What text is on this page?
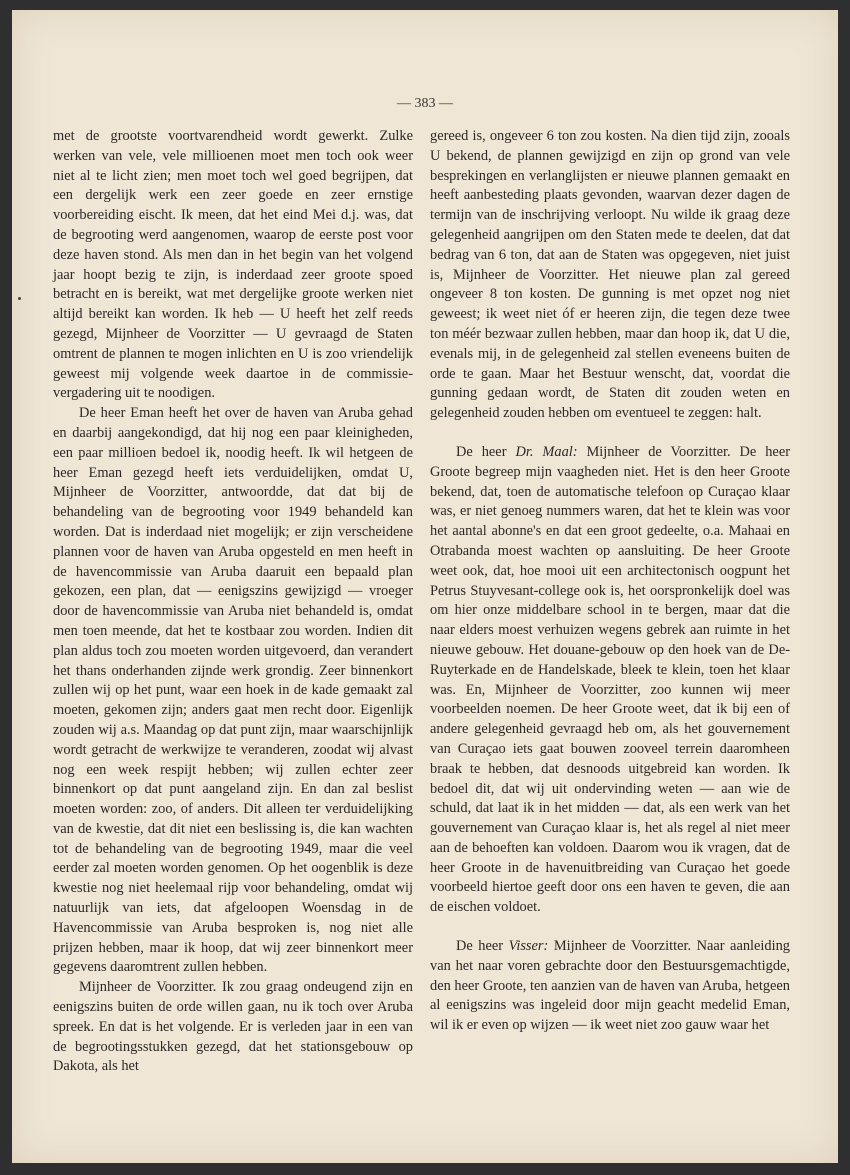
— 383 —

met de grootste voortvarendheid wordt gewerkt. Zulke werken van vele, vele millioenen moet men toch ook weer niet al te licht zien; men moet toch wel goed begrijpen, dat een dergelijk werk een zeer goede en zeer ernstige voorbereiding eischt. Ik meen, dat het eind Mei d.j. was, dat de begrooting werd aangenomen, waarop de eerste post voor deze haven stond. Als men dan in het begin van het volgend jaar hoopt bezig te zijn, is inderdaad zeer groote spoed betracht en is bereikt, wat met dergelijke groote werken niet altijd bereikt kan worden. Ik heb — U heeft het zelf reeds gezegd, Mijnheer de Voorzitter — U gevraagd de Staten omtrent de plannen te mogen inlichten en U is zoo vriendelijk geweest mij volgende week daartoe in de commissie-vergadering uit te noodigen.

De heer Eman heeft het over de haven van Aruba gehad en daarbij aangekondigd, dat hij nog een paar kleinigheden, een paar millioen bedoel ik, noodig heeft. Ik wil hetgeen de heer Eman gezegd heeft iets verduidelijken, omdat U, Mijnheer de Voorzitter, antwoordde, dat dat bij de behandeling van de begrooting voor 1949 behandeld kan worden. Dat is inderdaad niet mogelijk; er zijn verscheidene plannen voor de haven van Aruba opgesteld en men heeft in de havencommissie van Aruba daaruit een bepaald plan gekozen, een plan, dat — eenigszins gewijzigd — vroeger door de havencommissie van Aruba niet behandeld is, omdat men toen meende, dat het te kostbaar zou worden. Indien dit plan aldus toch zou moeten worden uitgevoerd, dan verandert het thans onderhanden zijnde werk grondig. Zeer binnenkort zullen wij op het punt, waar een hoek in de kade gemaakt zal moeten, gekomen zijn; anders gaat men recht door. Eigenlijk zouden wij a.s. Maandag op dat punt zijn, maar waarschijnlijk wordt getracht de werkwijze te veranderen, zoodat wij alvast nog een week respijt hebben; wij zullen echter zeer binnenkort op dat punt aangeland zijn. En dan zal beslist moeten worden: zoo, of anders. Dit alleen ter verduidelijking van de kwestie, dat dit niet een beslissing is, die kan wachten tot de behandeling van de begrooting 1949, maar die veel eerder zal moeten worden genomen. Op het oogenblik is deze kwestie nog niet heelemaal rijp voor behandeling, omdat wij natuurlijk van iets, dat afgeloopen Woensdag in de Havencommissie van Aruba besproken is, nog niet alle prijzen hebben, maar ik hoop, dat wij zeer binnenkort meer gegevens daaromtrent zullen hebben.

Mijnheer de Voorzitter. Ik zou graag ondeugend zijn en eenigszins buiten de orde willen gaan, nu ik toch over Aruba spreek. En dat is het volgende. Er is verleden jaar in een van de begrootingsstukken gezegd, dat het stationsgebouw op Dakota, als het

gereed is, ongeveer 6 ton zou kosten. Na dien tijd zijn, zooals U bekend, de plannen gewijzigd en zijn op grond van vele besprekingen en verlanglijsten er nieuwe plannen gemaakt en heeft aanbesteding plaats gevonden, waarvan dezer dagen de termijn van de inschrijving verloopt. Nu wilde ik graag deze gelegenheid aangrijpen om den Staten mede te deelen, dat dat bedrag van 6 ton, dat aan de Staten was opgegeven, niet juist is, Mijnheer de Voorzitter. Het nieuwe plan zal gereed ongeveer 8 ton kosten. De gunning is met opzet nog niet geweest; ik weet niet óf er heeren zijn, die tegen deze twee ton méér bezwaar zullen hebben, maar dan hoop ik, dat U die, evenals mij, in de gelegenheid zal stellen eveneens buiten de orde te gaan. Maar het Bestuur wenscht, dat, voordat die gunning gedaan wordt, de Staten dit zouden weten en gelegenheid zouden hebben om eventueel te zeggen: halt.

De heer Dr. Maal: Mijnheer de Voorzitter. De heer Groote begreep mijn vaagheden niet. Het is den heer Groote bekend, dat, toen de automatische telefoon op Curaçao klaar was, er niet genoeg nummers waren, dat het te klein was voor het aantal abonne's en dat een groot gedeelte, o.a. Mahaai en Otrabanda moest wachten op aansluiting. De heer Groote weet ook, dat, hoe mooi uit een architectonisch oogpunt het Petrus Stuyvesant-college ook is, het oorspronkelijk doel was om hier onze middelbare school in te bergen, maar dat die naar elders moest verhuizen wegens gebrek aan ruimte in het nieuwe gebouw. Het douane-gebouw op den hoek van de De-Ruyterkade en de Handelskade, bleek te klein, toen het klaar was. En, Mijnheer de Voorzitter, zoo kunnen wij meer voorbeelden noemen. De heer Groote weet, dat ik bij een of andere gelegenheid gevraagd heb om, als het gouvernement van Curaçao iets gaat bouwen zooveel terrein daaromheen braak te hebben, dat desnoods uitgebreid kan worden. Ik bedoel dit, dat wij uit ondervinding weten — aan wie de schuld, dat laat ik in het midden — dat, als een werk van het gouvernement van Curaçao klaar is, het als regel al niet meer aan de behoeften kan voldoen. Daarom wou ik vragen, dat de heer Groote in de havenuitbreiding van Curaçao het goede voorbeeld hiertoe geeft door ons een haven te geven, die aan de eischen voldoet.

De heer Visser: Mijnheer de Voorzitter. Naar aanleiding van het naar voren gebrachte door den Bestuursgemachtigde, den heer Groote, ten aanzien van de haven van Aruba, hetgeen al eenigszins was ingeleid door mijn geacht medelid Eman, wil ik er even op wijzen — ik weet niet zoo gauw waar het
